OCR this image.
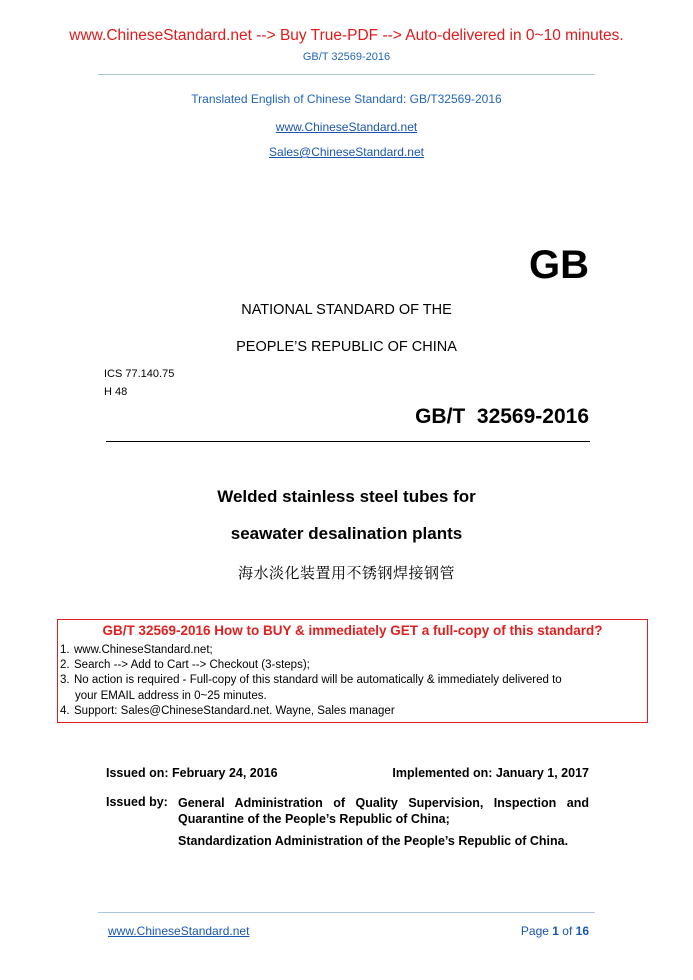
www.ChineseStandard.net --> Buy True-PDF --> Auto-delivered in 0~10 minutes.
GB/T 32569-2016
Translated English of Chinese Standard: GB/T32569-2016
www.ChineseStandard.net
Sales@ChineseStandard.net
GB
NATIONAL STANDARD OF THE
PEOPLE’S REPUBLIC OF CHINA
ICS 77.140.75
H 48
GB/T  32569-2016
Welded stainless steel tubes for
seawater desalination plants
海水淡化装置用不锈钢焊接钢管
GB/T 32569-2016 How to BUY & immediately GET a full-copy of this standard?
1. www.ChineseStandard.net;
2. Search --> Add to Cart --> Checkout (3-steps);
3. No action is required - Full-copy of this standard will be automatically & immediately delivered to
your EMAIL address in 0~25 minutes.
4. Support: Sales@ChineseStandard.net. Wayne, Sales manager
Issued on: February 24, 2016	Implemented on: January 1, 2017
Issued by: General Administration of Quality Supervision, Inspection and Quarantine of the People’s Republic of China;

Standardization Administration of the People’s Republic of China.

www.ChineseStandard.net	Page 1 of 16
